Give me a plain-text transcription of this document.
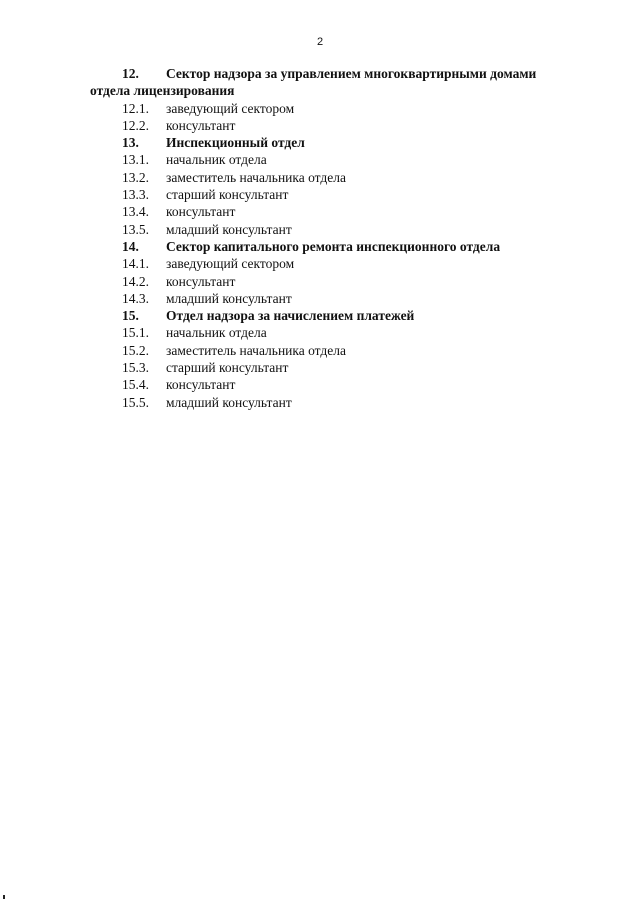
2
12.	Сектор надзора за управлением многоквартирными домами
отдела лицензирования
12.1.	заведующий сектором
12.2.	консультант
13.	Инспекционный отдел
13.1.	начальник отдела
13.2.	заместитель начальника отдела
13.3.	старший консультант
13.4.	консультант
13.5.	младший консультант
14.	Сектор капитального ремонта инспекционного отдела
14.1.	заведующий сектором
14.2.	консультант
14.3.	младший консультант
15.	Отдел надзора за начислением платежей
15.1.	начальник отдела
15.2.	заместитель начальника отдела
15.3.	старший консультант
15.4.	консультант
15.5.	младший консультант
